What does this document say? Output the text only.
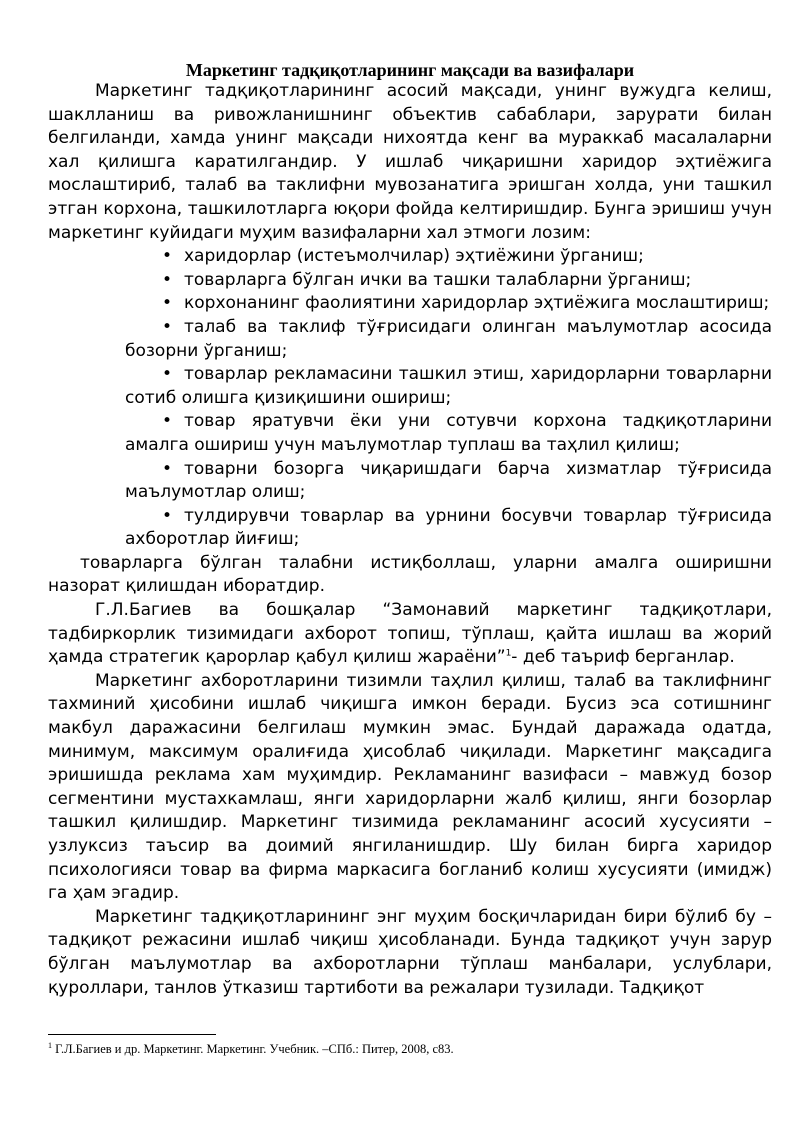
Маркетинг тадқиқотларининг мақсади ва вазифалари

Маркетинг тадқиқотларининг асосий мақсади, унинг вужудга келиш, шаклланиш ва ривожланишнинг объектив сабаблари, зарурати билан белгиланди, хамда унинг мақсади нихоятда кенг ва мураккаб масалаларни хал қилишга каратилгандир. У ишлаб чиқаришни харидор эҳтиёжига мослаштириб, талаб ва таклифни мувозанатига эришган холда, уни ташкил этган корхона, ташкилотларга юқори фойда келтиришдир. Бунга эришиш учун маркетинг куйидаги муҳим вазифаларни хал этмоги лозим:

• харидорлар (истеъмолчилар) эҳтиёжини ўрганиш;
• товарларга бўлган ички ва ташки талабларни ўрганиш;
• корхонанинг фаолиятини харидорлар эҳтиёжига мослаштириш;
• талаб ва таклиф тўғрисидаги олинган маълумотлар асосида бозорни ўрганиш;
• товарлар рекламасини ташкил этиш, харидорларни товарларни сотиб олишга қизиқишини ошириш;
• товар яратувчи ёки уни сотувчи корхона тадқиқотларини амалга ошириш учун маълумотлар туплаш ва таҳлил қилиш;
• товарни бозорга чиқаришдаги барча хизматлар тўғрисида маълумотлар олиш;
• тулдирувчи товарлар ва урнини босувчи товарлар тўғрисида ахборотлар йиғиш;

товарларга бўлган талабни истиқболлаш, уларни амалга оширишни назорат қилишдан иборатдир.

Г.Л.Багиев ва бошқалар “Замонавий маркетинг тадқиқотлари, тадбиркорлик тизимидаги ахборот топиш, тўплаш, қайта ишлаш ва жорий ҳамда стратегик қарорлар қабул қилиш жараёни”$^1$- деб таъриф берганлар.

Маркетинг ахборотларини тизимли таҳлил қилиш, талаб ва таклифнинг тахминий ҳисобини ишлаб чиқишга имкон беради. Бусиз эса сотишнинг макбул даражасини белгилаш мумкин эмас. Бундай даражада одатда, минимум, максимум оралиғида ҳисоблаб чиқилади. Маркетинг мақсадига эришишда реклама хам муҳимдир. Рекламанинг вазифаси – мавжуд бозор сегментини мустахкамлаш, янги харидорларни жалб қилиш, янги бозорлар ташкил қилишдир. Маркетинг тизимида рекламанинг асосий хусусияти – узлуксиз таъсир ва доимий янгиланишдир. Шу билан бирга харидор психологияси товар ва фирма маркасига богланиб колиш хусусияти (имидж) га ҳам эгадир.

Маркетинг тадқиқотларининг энг муҳим босқичларидан бири бўлиб бу – тадқиқот режасини ишлаб чиқиш ҳисобланади. Бунда тадқиқот учун зарур бўлган маълумотлар ва ахборотларни тўплаш манбалари, услублари, қуроллари, танлов ўтказиш тартиботи ва режалари тузилади. Тадқиқот

$^1$ Г.Л.Багиев и др. Маркетинг. Маркетинг. Учебник. –СПб.: Питер, 2008, с83.
